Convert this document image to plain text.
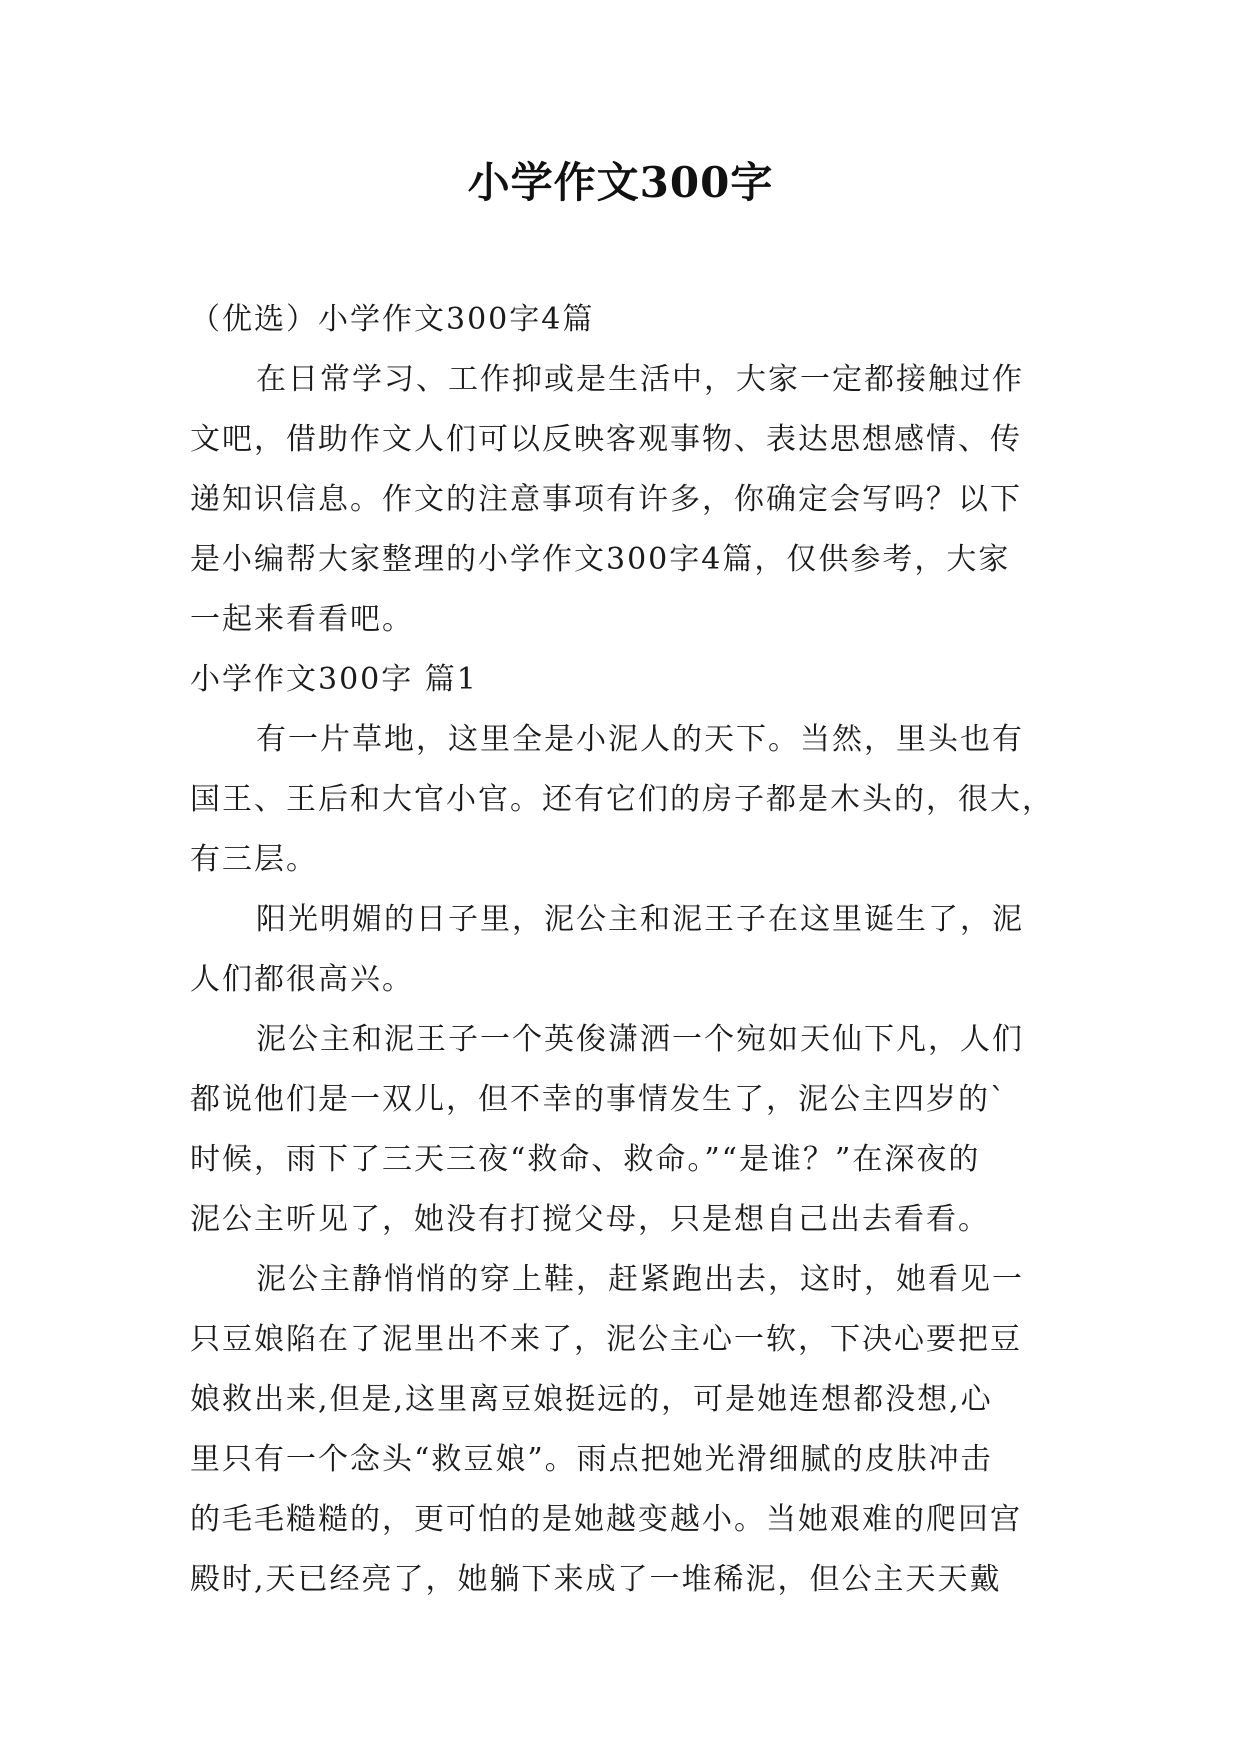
小学作文300字
（优选）小学作文300字4篇
在日常学习、工作抑或是生活中，大家一定都接触过作
文吧，借助作文人们可以反映客观事物、表达思想感情、传
递知识信息。作文的注意事项有许多，你确定会写吗？以下
是小编帮大家整理的小学作文300字4篇，仅供参考，大家
一起来看看吧。
小学作文300字 篇1
有一片草地，这里全是小泥人的天下。当然，里头也有
国王、王后和大官小官。还有它们的房子都是木头的，很大，
有三层。
阳光明媚的日子里，泥公主和泥王子在这里诞生了，泥
人们都很高兴。
泥公主和泥王子一个英俊潇洒一个宛如天仙下凡，人们
都说他们是一双儿，但不幸的事情发生了，泥公主四岁的`
时候，雨下了三天三夜“救命、救命。”“是谁？”在深夜的
泥公主听见了，她没有打搅父母，只是想自己出去看看。
泥公主静悄悄的穿上鞋，赶紧跑出去，这时，她看见一
只豆娘陷在了泥里出不来了，泥公主心一软，下决心要把豆
娘救出来,但是,这里离豆娘挺远的，可是她连想都没想,心
里只有一个念头“救豆娘”。雨点把她光滑细腻的皮肤冲击
的毛毛糙糙的，更可怕的是她越变越小。当她艰难的爬回宫
殿时,天已经亮了，她躺下来成了一堆稀泥，但公主天天戴
